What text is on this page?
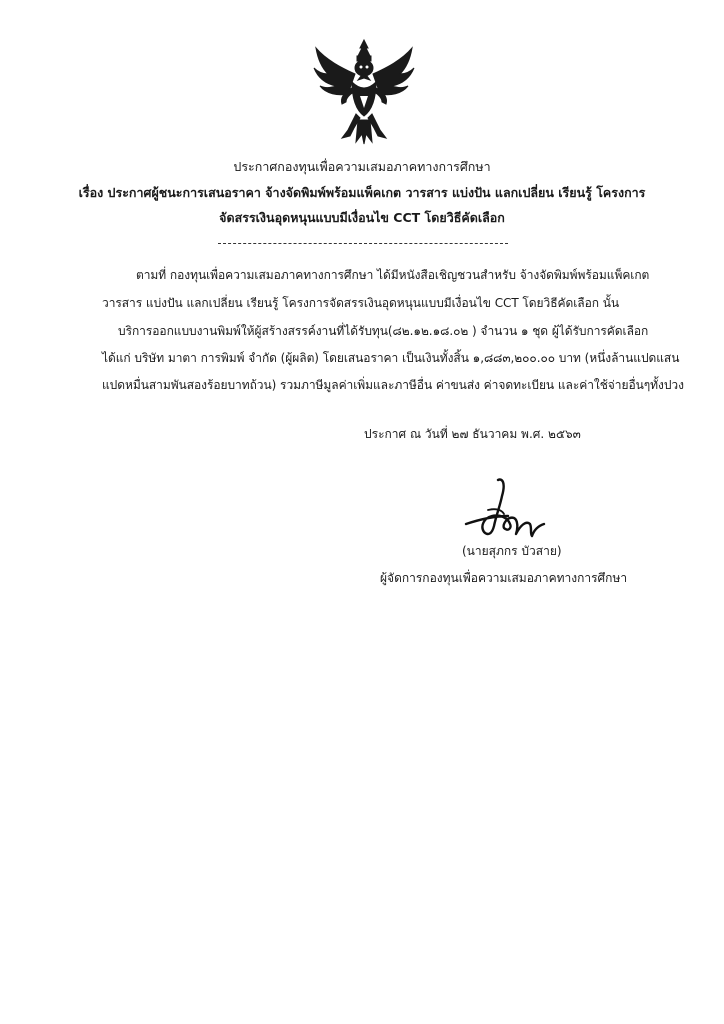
ประกาศกองทุนเพื่อความเสมอภาคทางการศึกษา
เรื่อง ประกาศผู้ชนะการเสนอราคา จ้างจัดพิมพ์พร้อมแพ็คเกต วารสาร แบ่งปัน แลกเปลี่ยน เรียนรู้ โครงการ
จัดสรรเงินอุดหนุนแบบมีเงื่อนไข CCT โดยวิธีคัดเลือก
ตามที่ กองทุนเพื่อความเสมอภาคทางการศึกษา ได้มีหนังสือเชิญชวนสำหรับ จ้างจัดพิมพ์พร้อมแพ็คเกต
วารสาร แบ่งปัน แลกเปลี่ยน เรียนรู้ โครงการจัดสรรเงินอุดหนุนแบบมีเงื่อนไข CCT โดยวิธีคัดเลือก นั้น
บริการออกแบบงานพิมพ์ให้ผู้สร้างสรรค์งานที่ได้รับทุน(๘๒.๑๒.๑๘.๐๒ ) จำนวน ๑ ชุด ผู้ได้รับการคัดเลือก
ได้แก่ บริษัท มาตา การพิมพ์ จำกัด (ผู้ผลิต) โดยเสนอราคา เป็นเงินทั้งสิ้น ๑,๘๘๓,๒๐๐.๐๐ บาท (หนึ่งล้านแปดแสน
แปดหมื่นสามพันสองร้อยบาทถ้วน) รวมภาษีมูลค่าเพิ่มและภาษีอื่น ค่าขนส่ง ค่าจดทะเบียน และค่าใช้จ่ายอื่นๆทั้งปวง
ประกาศ ณ วันที่ ๒๗ ธันวาคม พ.ศ. ๒๕๖๓
(นายสุภกร บัวสาย)
ผู้จัดการกองทุนเพื่อความเสมอภาคทางการศึกษา
